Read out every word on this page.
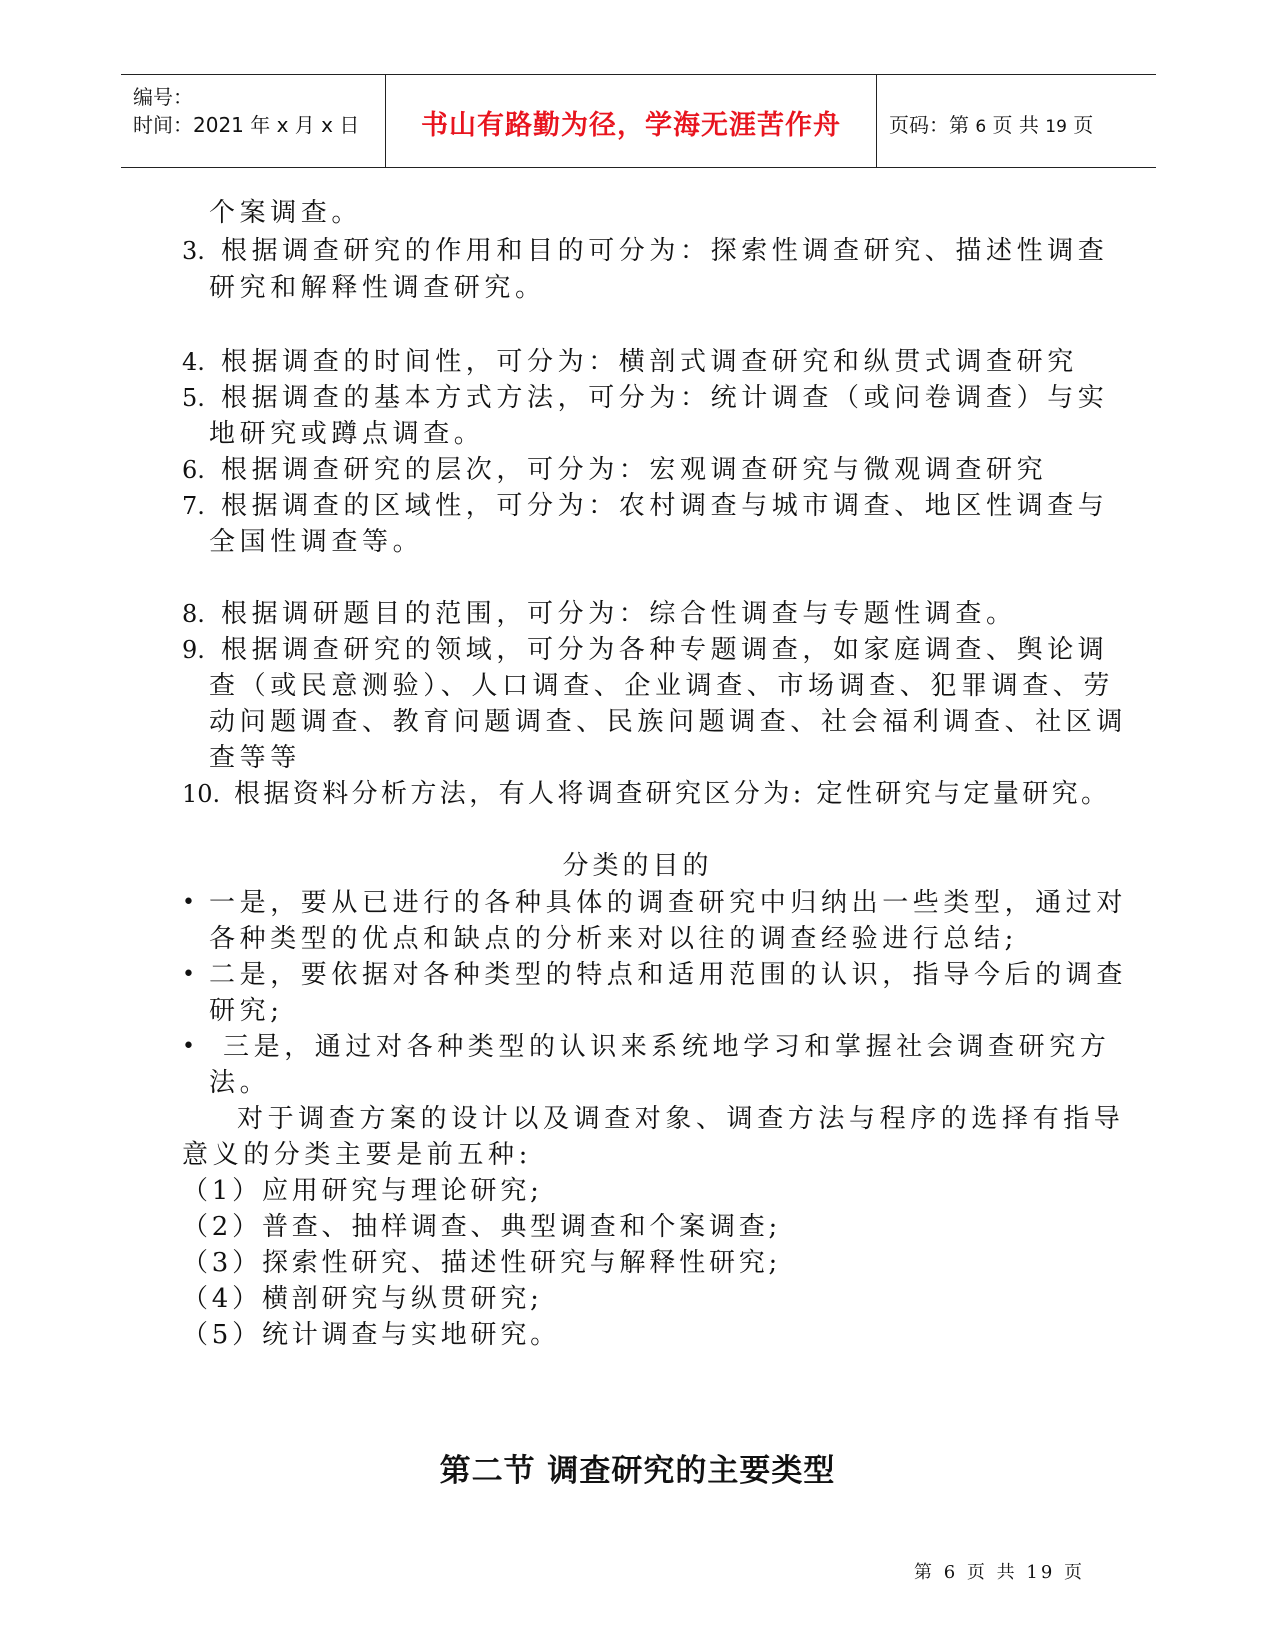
编号：
时间：2021 年 x 月 x 日	书山有路勤为径，学海无涯苦作舟	页码：第 6 页 共 19 页
个案调查。
3. 根据调查研究的作用和目的可分为：探索性调查研究、描述性调查
研究和解释性调查研究。
4. 根据调查的时间性，可分为：横剖式调查研究和纵贯式调查研究
5. 根据调查的基本方式方法，可分为：统计调查（或问卷调查）与实
地研究或蹲点调查。
6. 根据调查研究的层次，可分为：宏观调查研究与微观调查研究
7. 根据调查的区域性，可分为：农村调查与城市调查、地区性调查与
全国性调查等。
8. 根据调研题目的范围，可分为：综合性调查与专题性调查。
9. 根据调查研究的领域，可分为各种专题调查，如家庭调查、舆论调
查（或民意测验）、人口调查、企业调查、市场调查、犯罪调查、劳
动问题调查、教育问题调查、民族问题调查、社会福利调查、社区调
查等等
10. 根据资料分析方法，有人将调查研究区分为: 定性研究与定量研究。
分类的目的
• 一是，要从已进行的各种具体的调查研究中归纳出一些类型，通过对
各种类型的优点和缺点的分析来对以往的调查经验进行总结;
• 二是，要依据对各种类型的特点和适用范围的认识，指导今后的调查
研究;
• 三是，通过对各种类型的认识来系统地学习和掌握社会调查研究方
法。
对于调查方案的设计以及调查对象、调查方法与程序的选择有指导
意义的分类主要是前五种:
（1）应用研究与理论研究;
（2）普查、抽样调查、典型调查和个案调查;
（3）探索性研究、描述性研究与解释性研究;
（4）横剖研究与纵贯研究;
（5）统计调查与实地研究。
第二节 调查研究的主要类型
第 6 页 共 19 页
